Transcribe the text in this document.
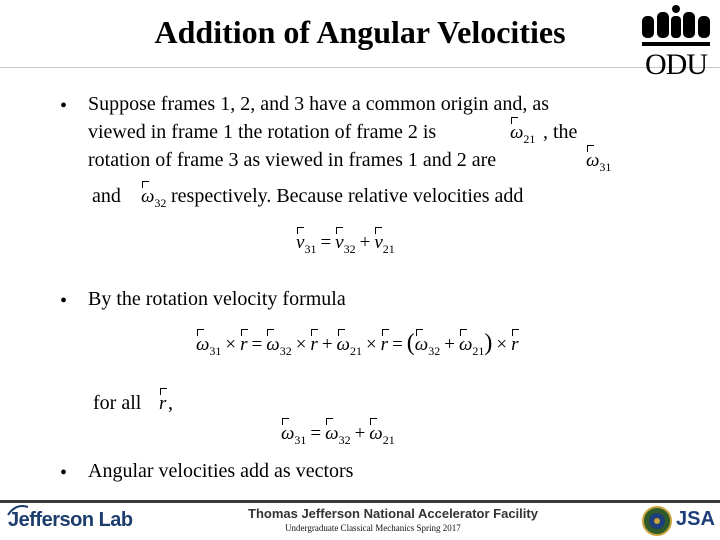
Addition of Angular Velocities
ODU
• Suppose frames 1, 2, and 3 have a common origin and, as
viewed in frame 1 the rotation of frame 2 is	$\omega_{21}$ , the
rotation of frame 3 as viewed in frames 1 and 2 are	$\omega_{31}$
and $\omega_{32}$ respectively. Because relative velocities add
$v_{31} = v_{32} + v_{21}$
• By the rotation velocity formula
$\omega_{31} \times r = \omega_{32} \times r + \omega_{21} \times r = (\omega_{32} + \omega_{21}) \times r$
for all r ,
$\omega_{31} = \omega_{32} + \omega_{21}$
• Angular velocities add as vectors
Jefferson Lab	Thomas Jefferson National Accelerator Facility
Undergraduate Classical Mechanics Spring 2017	JSA
